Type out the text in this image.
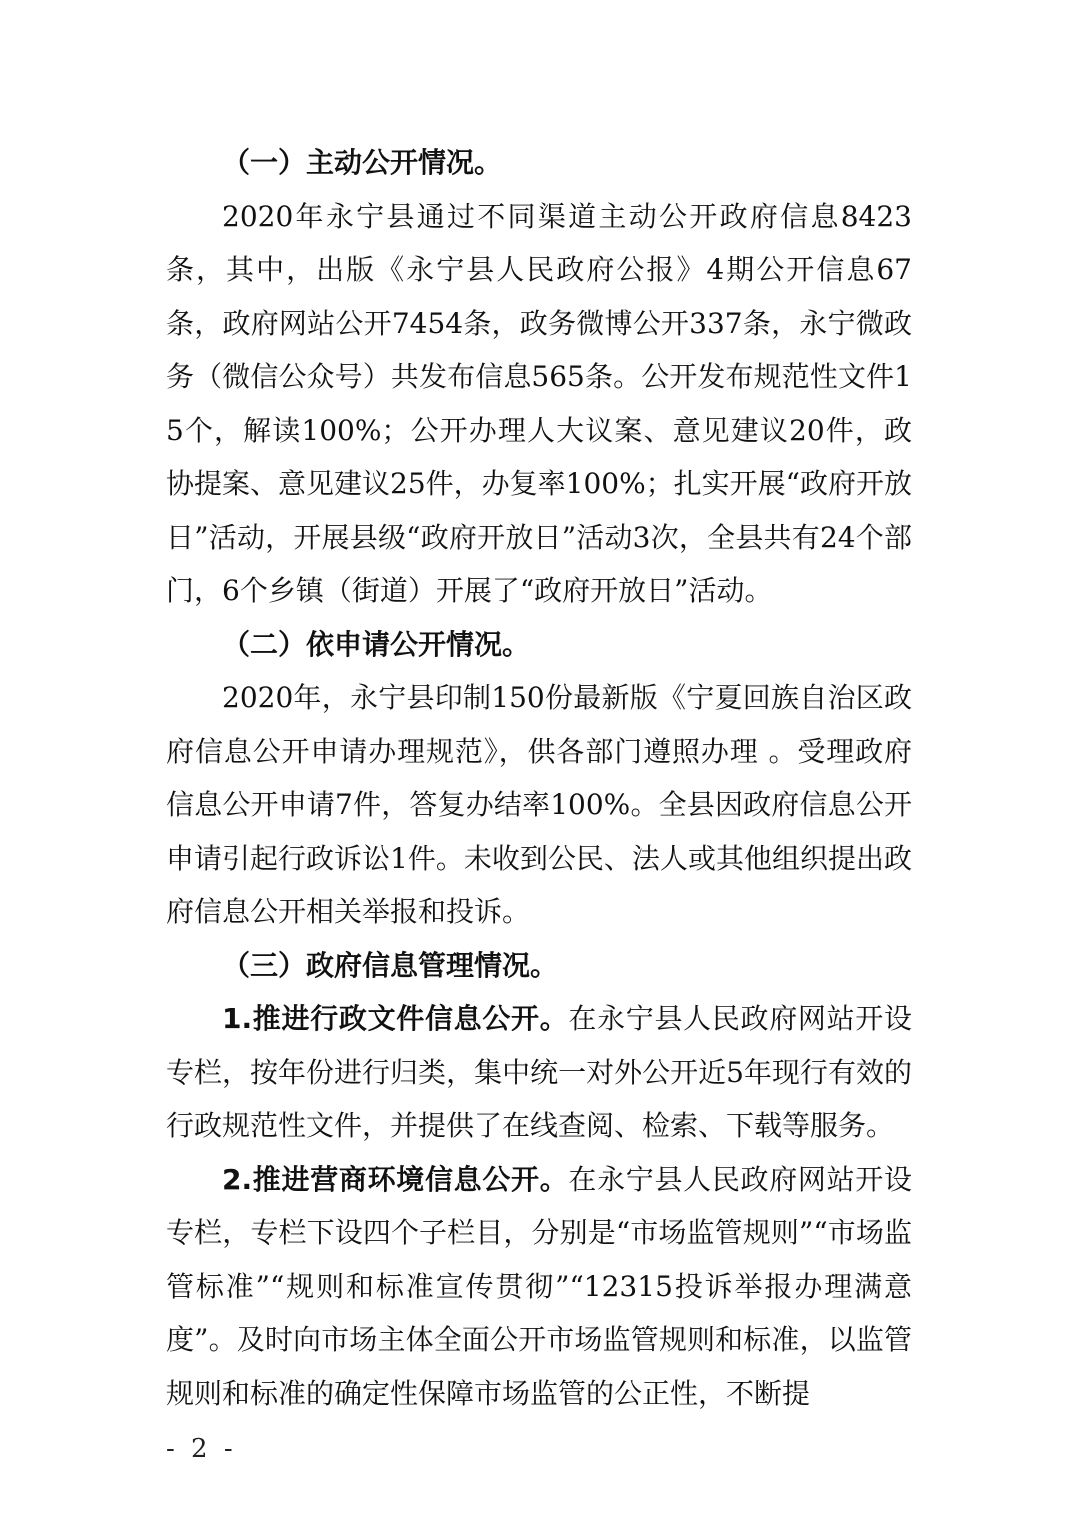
（一）主动公开情况。

2020年永宁县通过不同渠道主动公开政府信息8423条，其中，出版《永宁县人民政府公报》4期公开信息67条，政府网站公开7454条，政务微博公开337条，永宁微政务（微信公众号）共发布信息565条。公开发布规范性文件15个，解读100%；公开办理人大议案、意见建议20件，政协提案、意见建议25件，办复率100%；扎实开展“政府开放日”活动，开展县级“政府开放日”活动3次，全县共有24个部门，6个乡镇（街道）开展了“政府开放日”活动。

（二）依申请公开情况。

2020年，永宁县印制150份最新版《宁夏回族自治区政府信息公开申请办理规范》，供各部门遵照办理 。受理政府信息公开申请7件，答复办结率100%。全县因政府信息公开申请引起行政诉讼1件。未收到公民、法人或其他组织提出政府信息公开相关举报和投诉。

（三）政府信息管理情况。

1.推进行政文件信息公开。在永宁县人民政府网站开设专栏，按年份进行归类，集中统一对外公开近5年现行有效的行政规范性文件，并提供了在线查阅、检索、下载等服务。

2.推进营商环境信息公开。在永宁县人民政府网站开设专栏，专栏下设四个子栏目，分别是“市场监管规则”“市场监管标准”“规则和标准宣传贯彻”“12315投诉举报办理满意度”。及时向市场主体全面公开市场监管规则和标准，以监管规则和标准的确定性保障市场监管的公正性，不断提

- 2 -
